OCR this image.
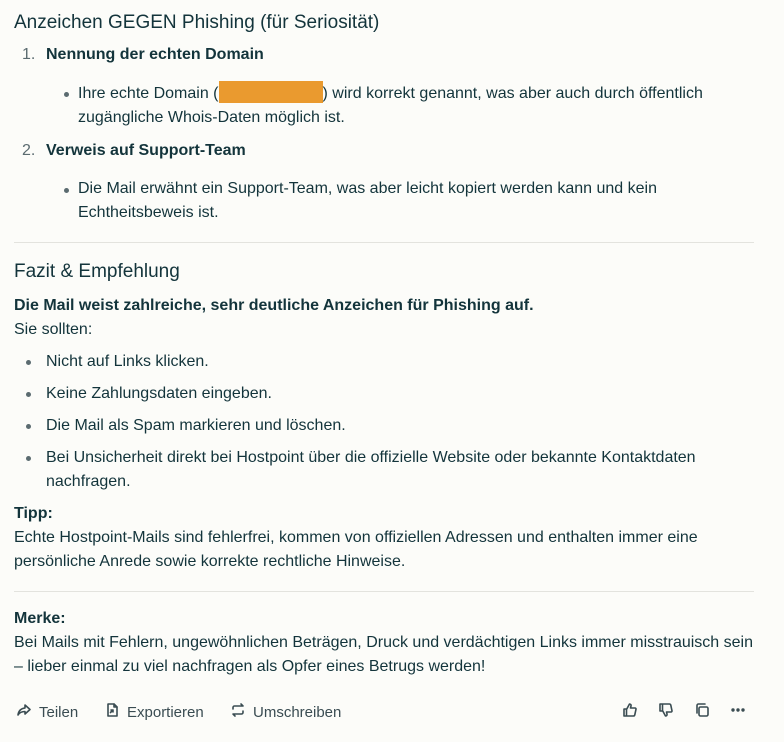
Anzeichen GEGEN Phishing (für Seriosität)
1. Nennung der echten Domain
Ihre echte Domain (	) wird korrekt genannt, was aber auch durch öffentlich zugängliche Whois-Daten möglich ist.
2. Verweis auf Support-Team
Die Mail erwähnt ein Support-Team, was aber leicht kopiert werden kann und kein Echtheitsbeweis ist.
Fazit & Empfehlung
Die Mail weist zahlreiche, sehr deutliche Anzeichen für Phishing auf.
Sie sollten:
Nicht auf Links klicken.
Keine Zahlungsdaten eingeben.
Die Mail als Spam markieren und löschen.
Bei Unsicherheit direkt bei Hostpoint über die offizielle Website oder bekannte Kontaktdaten nachfragen.
Tipp:
Echte Hostpoint-Mails sind fehlerfrei, kommen von offiziellen Adressen und enthalten immer eine persönliche Anrede sowie korrekte rechtliche Hinweise.
Merke:
Bei Mails mit Fehlern, ungewöhnlichen Beträgen, Druck und verdächtigen Links immer misstrauisch sein – lieber einmal zu viel nachfragen als Opfer eines Betrugs werden!
Teilen	Exportieren	Umschreiben
